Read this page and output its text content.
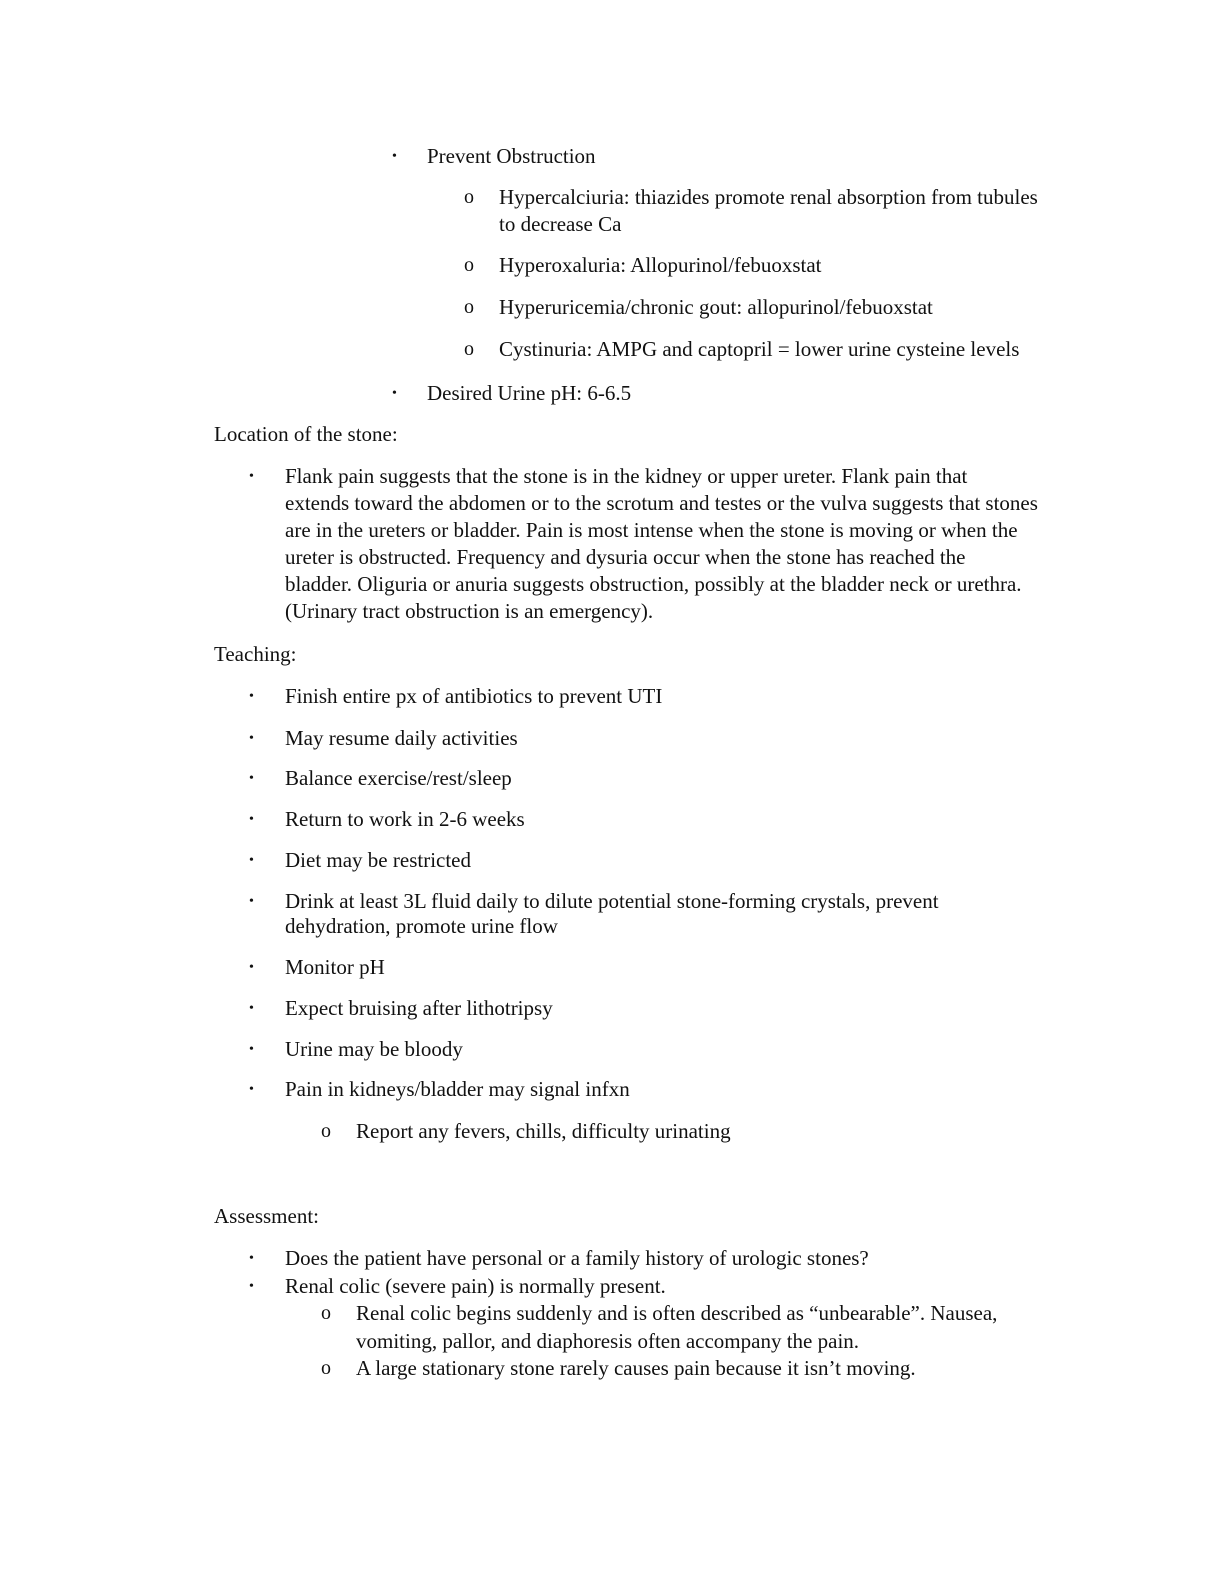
• Prevent Obstruction
o Hypercalciuria: thiazides promote renal absorption from tubules
to decrease Ca
o Hyperoxaluria: Allopurinol/febuoxstat
o Hyperuricemia/chronic gout: allopurinol/febuoxstat
o Cystinuria: AMPG and captopril = lower urine cysteine levels
• Desired Urine pH: 6-6.5
Location of the stone:
• Flank pain suggests that the stone is in the kidney or upper ureter. Flank pain that
extends toward the abdomen or to the scrotum and testes or the vulva suggests that stones
are in the ureters or bladder. Pain is most intense when the stone is moving or when the
ureter is obstructed. Frequency and dysuria occur when the stone has reached the
bladder. Oliguria or anuria suggests obstruction, possibly at the bladder neck or urethra.
(Urinary tract obstruction is an emergency).
Teaching:
• Finish entire px of antibiotics to prevent UTI
• May resume daily activities
• Balance exercise/rest/sleep
• Return to work in 2-6 weeks
• Diet may be restricted
• Drink at least 3L fluid daily to dilute potential stone-forming crystals, prevent
dehydration, promote urine flow
• Monitor pH
• Expect bruising after lithotripsy
• Urine may be bloody
• Pain in kidneys/bladder may signal infxn
o Report any fevers, chills, difficulty urinating
Assessment:
• Does the patient have personal or a family history of urologic stones?
• Renal colic (severe pain) is normally present.
o Renal colic begins suddenly and is often described as “unbearable”. Nausea,
vomiting, pallor, and diaphoresis often accompany the pain.
o A large stationary stone rarely causes pain because it isn’t moving.
